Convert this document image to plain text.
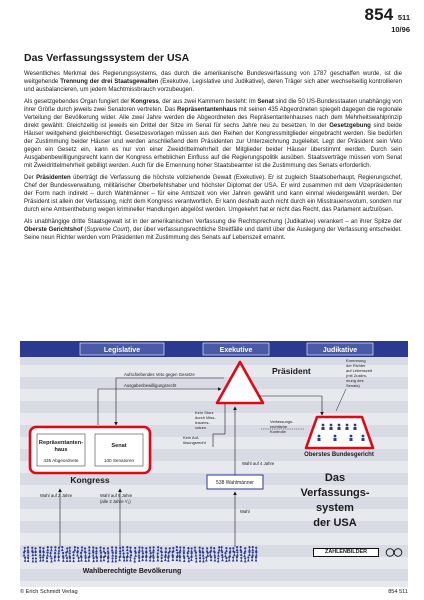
854 511
10/96
Das Verfassungssystem der USA

Wesentliches Merkmal des Regierungssystems, das durch die amerikanische Bundesverfassung von 1787 geschaffen wurde, ist die weitgehende Trennung der drei Staatsgewalten (Exekutive, Legislative und Judikative), deren Träger sich aber wechselseitig kontrollieren und ausbalancieren, um jedem Machtmissbrauch vorzubeugen.

Als gesetzgebendes Organ fungiert der Kongress, der aus zwei Kammern besteht: Im Senat sind die 50 US-Bundesstaaten unabhängig von ihrer Größe durch jeweils zwei Senatoren vertreten. Das Repräsentantenhaus mit seinen 435 Abgeordneten spiegelt dagegen die regionale Verteilung der Bevölkerung wider. Alle zwei Jahre werden die Abgeordneten des Repräsentantenhauses nach dem Mehrheitswahlprinzip direkt gewählt. Gleichzeitig ist jeweils ein Drittel der Sitze im Senat für sechs Jahre neu zu besetzen. In der Gesetzgebung sind beide Häuser weitgehend gleichberechtigt. Gesetzesvorlagen müssen aus den Reihen der Kongressmitglieder eingebracht werden. Sie bedürfen der Zustimmung beider Häuser und werden anschließend dem Präsidenten zur Unterzeichnung zugeleitet. Legt der Präsident sein Veto gegen ein Gesetz ein, kann es nur von einer Zweidrittelmehrheit der Mitglieder beider Häuser überstimmt werden. Durch sein Ausgabenbewilligungsrecht kann der Kongress erheblichen Einfluss auf die Regierungspolitik ausüben. Staatsverträge müssen vom Senat mit Zweidrittelmehrheit gebilligt werden. Auch für die Ernennung hoher Staatsbeamter ist die Zustimmung des Senats erforderlich.

Der Präsidenten überträgt die Verfassung die höchste vollziehende Gewalt (Exekutive). Er ist zugleich Staatsoberhaupt, Regierungschef, Chef der Bundesverwaltung, militärischer Oberbefehlshaber und höchster Diplomat der USA. Er wird zusammen mit dem Vizepräsidenten der Form nach indirekt – durch Wahlmänner – für eine Amtszeit von vier Jahren gewählt und kann einmal wiedergewählt werden. Der Präsident ist allein der Verfassung, nicht dem Kongress verantwortlich. Er kann deshalb auch nicht durch ein Misstrauensvotum, sondern nur durch eine Amtsenthebung wegen krimineller Handlungen abgelöst werden. Umgekehrt hat er nicht das Recht, das Parlament aufzulösen.

Als unabhängige dritte Staatsgewalt ist in der amerikanischen Verfassung die Rechtsprechung (Judikative) verankert – an ihrer Spitze der Oberste Gerichtshof (Supreme Court), der über verfassungsrechtliche Streitfälle und damit über die Auslegung der Verfassung entscheidet. Seine neun Richter werden vom Präsidenten mit Zustimmung des Senats auf Lebenszeit ernannt.

Legislative	Exekutive	Judikative
Präsident
Aufschiebendes Veto gegen Gesetze
Ausgabenbewilligungsrecht
Kein Sturz
durch Miss-
trauens-
votum
Kein Auf-
lösungsrecht
Ernennung
der Richter
auf Lebenszeit
(mit Zustim-
mung des
Senats)
Oberstes Bundesgericht
Verfassungs-
rechtliche
Kontrolle
Repräsentanten-
haus
435 Abgeordnete
Senat
100 Senatoren
Kongress
Wahl auf 2 Jahre	Wahl auf 6 Jahre
(alle 2 Jahre ¹/₃)
538 Wahlmänner
Wahl auf 4 Jahre
Wahl
Das
Verfassungs-
system
der USA
Wahlberechtigte Bevölkerung
ZAHLENBILDER
© Erich Schmidt Verlag	854 511
